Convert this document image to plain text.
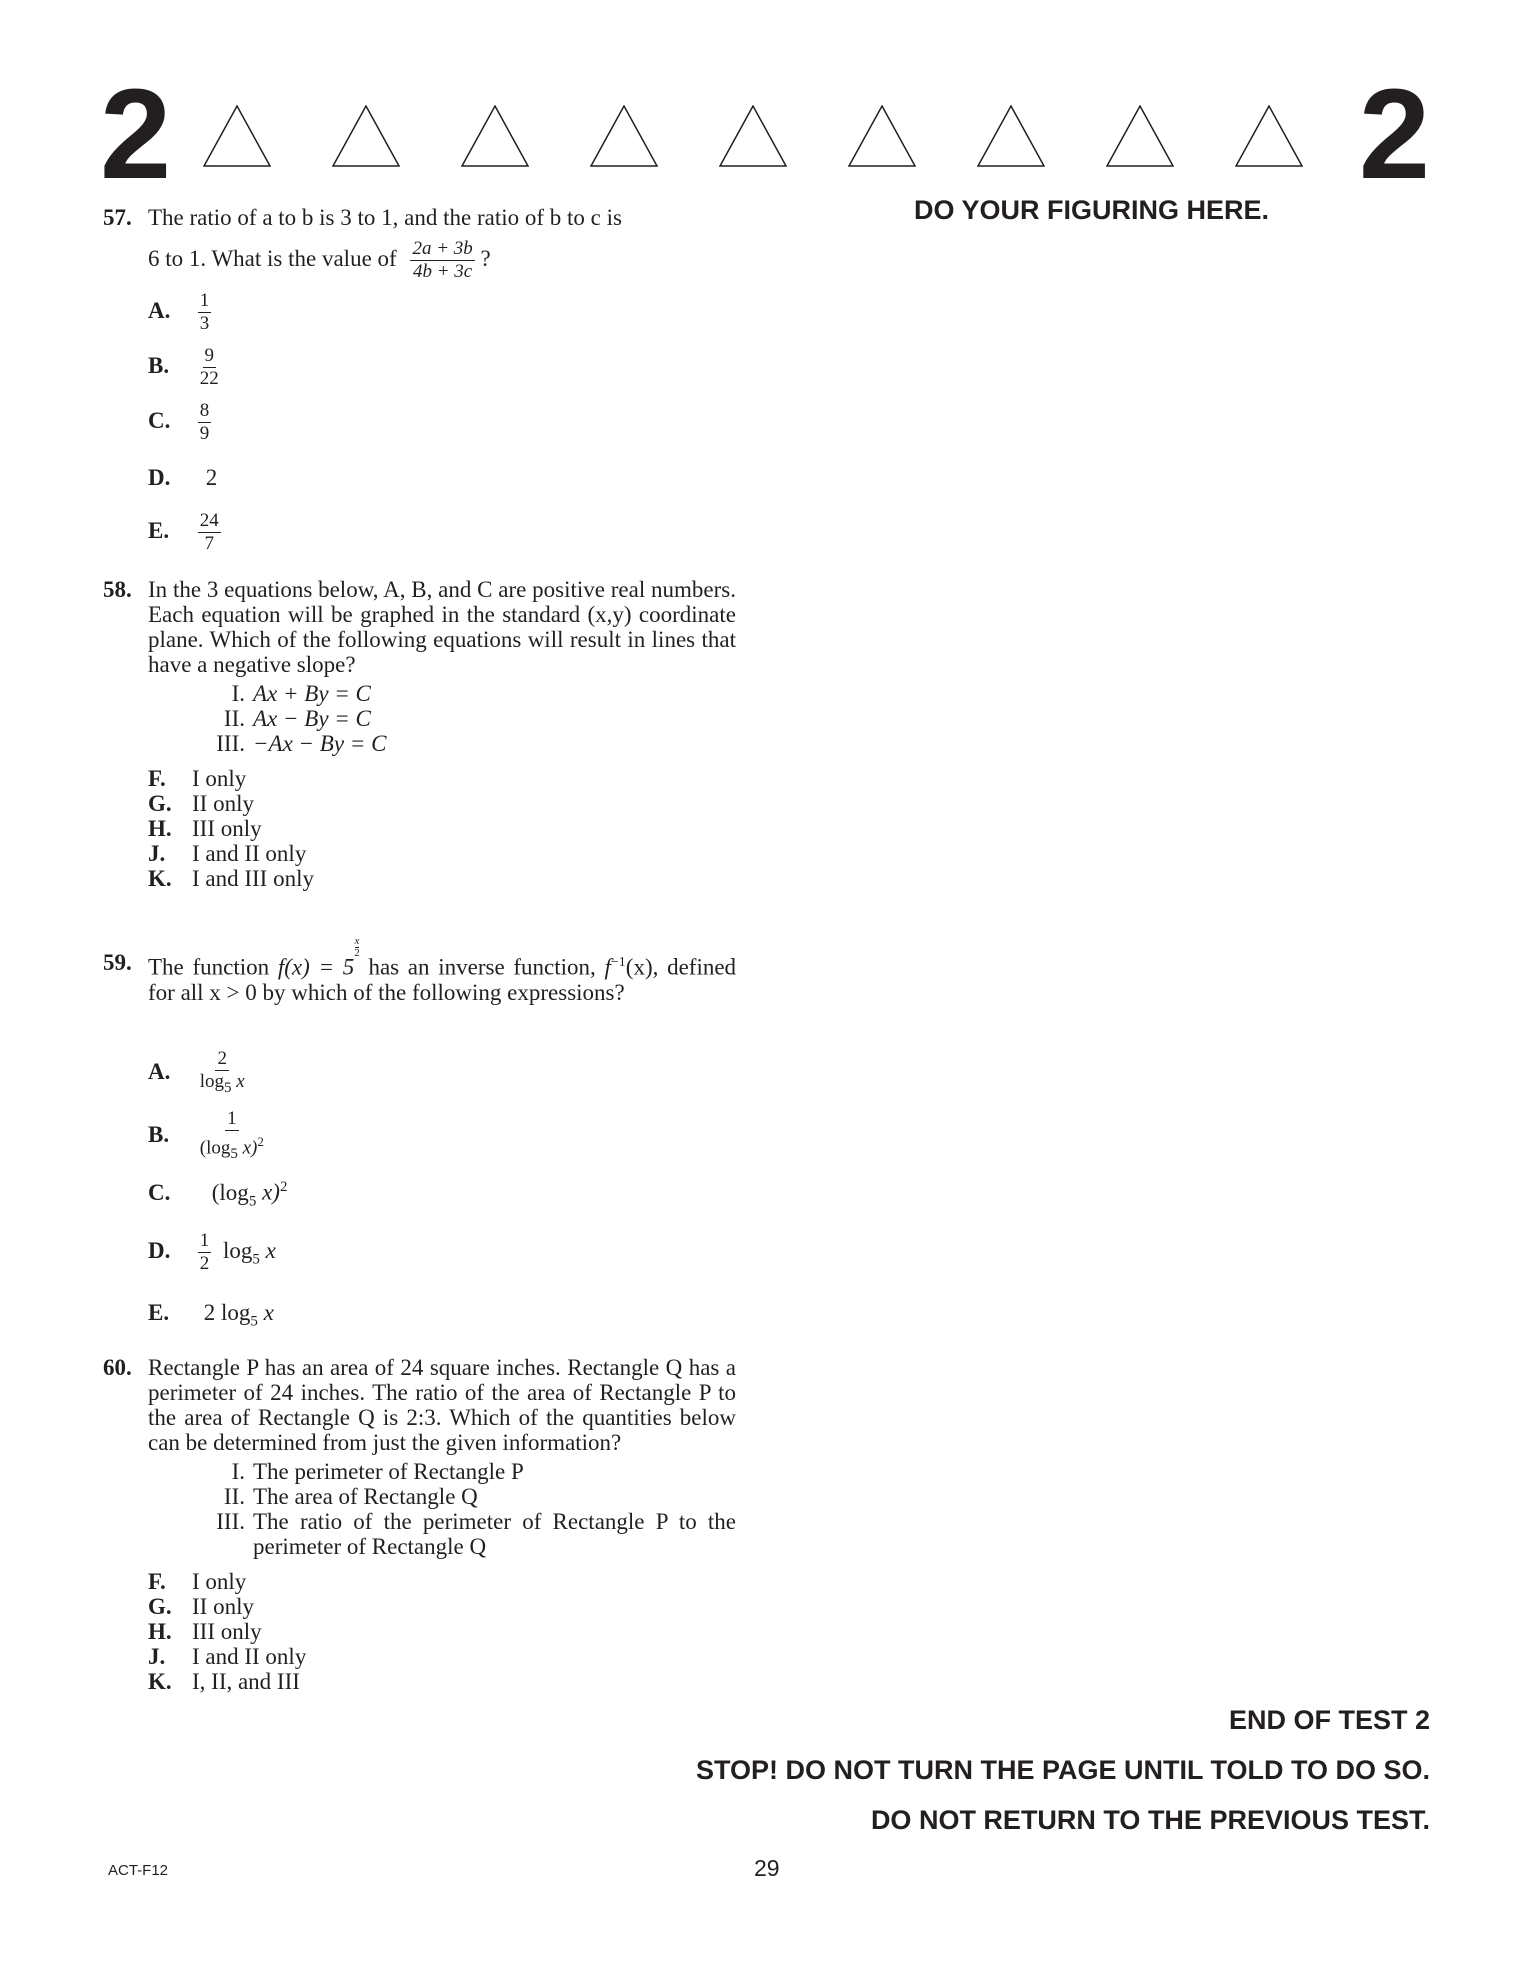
2	2
DO YOUR FIGURING HERE.
57. The ratio of a to b is 3 to 1, and the ratio of b to c is
6 to 1. What is the value of $\frac{2a + 3b}{4b + 3c}$ ?
A. $\frac{1}{3}$
B. $\frac{9}{22}$
C. $\frac{8}{9}$
D. 2
E. $\frac{24}{7}$
58. In the 3 equations below, A, B, and C are positive real numbers. Each equation will be graphed in the standard (x,y) coordinate plane. Which of the following equations will result in lines that have a negative slope?
I. Ax + By = C
II. Ax − By = C
III. −Ax − By = C
F. I only
G. II only
H. III only
J. I and II only
K. I and III only
59. The function f(x) = 5
$\frac{x}{2}$
has an inverse function, $f^{-1}(x)$, defined for all x > 0 by which of the following expressions?
A. $\frac{2}{\log_5 x}$
B. $\frac{1}{(\log_5 x)^2}$
C. ($\log_5$ x)$^2$
D. $\frac{1}{2} \log_5 x$
E. 2 $\log_5 x$
60. Rectangle P has an area of 24 square inches. Rectangle Q has a perimeter of 24 inches. The ratio of the area of Rectangle P to the area of Rectangle Q is 2:3. Which of the quantities below can be determined from just the given information?
I. The perimeter of Rectangle P
II. The area of Rectangle Q
III. The ratio of the perimeter of Rectangle P to the perimeter of Rectangle Q
F. I only
G. II only
H. III only
J. I and II only
K. I, II, and III
END OF TEST 2
STOP! DO NOT TURN THE PAGE UNTIL TOLD TO DO SO.
DO NOT RETURN TO THE PREVIOUS TEST.
ACT-F12	29
